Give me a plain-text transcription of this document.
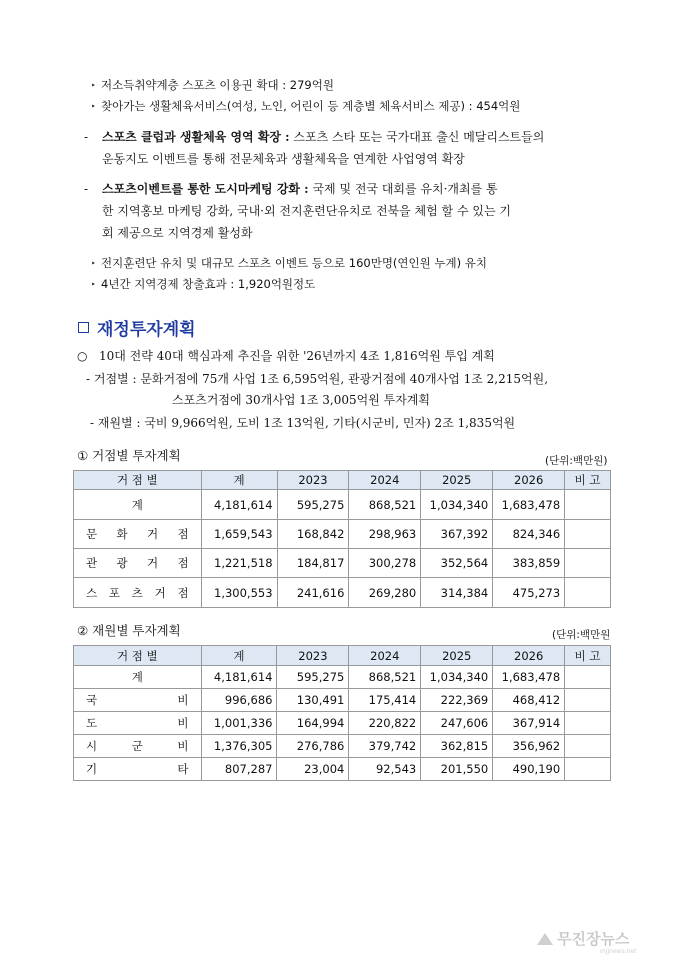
‣ 저소득취약계층 스포츠 이용권 확대 : 279억원
‣ 찾아가는 생활체육서비스(여성, 노인, 어린이 등 계층별 체육서비스 제공) : 454억원
- 스포츠 클럽과 생활체육 영역 확장 : 스포츠 스타 또는 국가대표 출신 메달리스트들의
운동지도 이벤트를 통해 전문체육과 생활체육을 연계한 사업영역 확장
- 스포츠이벤트를 통한 도시마케팅 강화 : 국제 및 전국 대회를 유치·개최를 통
한 지역홍보 마케팅 강화, 국내·외 전지훈련단유치로 전북을 체험 할 수 있는 기
회 제공으로 지역경제 활성화
‣ 전지훈련단 유치 및 대규모 스포츠 이벤트 등으로 160만명(연인원 누계) 유치
‣ 4년간 지역경제 창출효과 : 1,920억원정도
재정투자계획
○ 10대 전략 40대 핵심과제 추진을 위한 '26년까지 4조 1,816억원 투입 계획
- 거점별 : 문화거점에 75개 사업 1조 6,595억원, 관광거점에 40개사업 1조 2,215억원,
스포츠거점에 30개사업 1조 3,005억원 투자계획
- 재원별 : 국비 9,966억원, 도비 1조 13억원, 기타(시군비, 민자) 2조 1,835억원
① 거점별 투자계획	(단위:백만원)
거 점 별	계	2023	2024	2025	2026	비 고
계	4,181,614	595,275	868,521	1,034,340	1,683,478	

문 화 거 점	1,659,543	168,842	298,963	367,392	824,346	

관 광 거 점	1,221,518	184,817	300,278	352,564	383,859	

스 포 츠 거 점	1,300,553	241,616	269,280	314,384	475,273	
② 재원별 투자계획	(단위:백만원
거 점 별	계	2023	2024	2025	2026	비 고
계	4,181,614	595,275	868,521	1,034,340	1,683,478	

국 비	996,686	130,491	175,414	222,369	468,412	

도 비	1,001,336	164,994	220,822	247,606	367,914	

시 군 비	1,376,305	276,786	379,742	362,815	356,962	

기 타	807,287	23,004	92,543	201,550	490,190	
무진장뉴스
mjjnews.net
